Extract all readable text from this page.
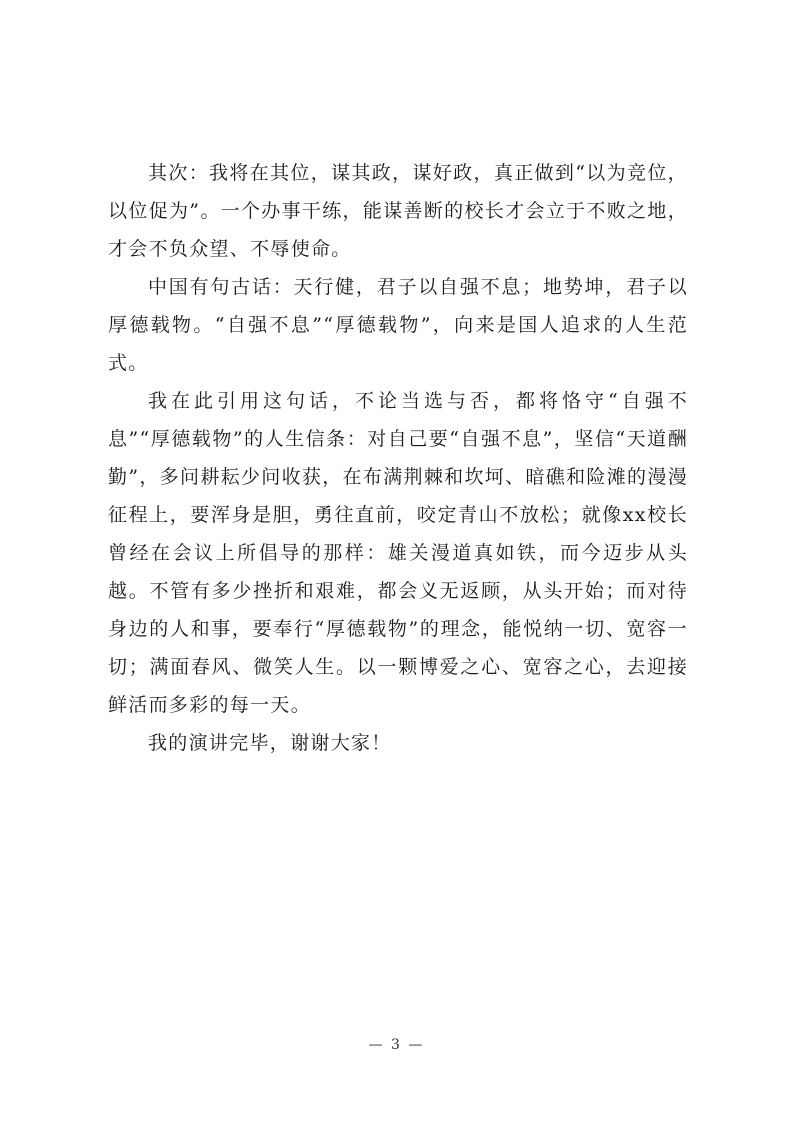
其次：我将在其位，谋其政，谋好政，真正做到“以为竞位，以位促为”。一个办事干练，能谋善断的校长才会立于不败之地，才会不负众望、不辱使命。

中国有句古话：天行健，君子以自强不息；地势坤，君子以厚德载物。“自强不息”“厚德载物”，向来是国人追求的人生范式。

我在此引用这句话，不论当选与否，都将恪守“自强不息”“厚德载物”的人生信条：对自己要“自强不息”，坚信“天道酬勤”，多问耕耘少问收获，在布满荆棘和坎坷、暗礁和险滩的漫漫征程上，要浑身是胆，勇往直前，咬定青山不放松；就像xx校长曾经在会议上所倡导的那样：雄关漫道真如铁，而今迈步从头越。不管有多少挫折和艰难，都会义无返顾，从头开始；而对待身边的人和事，要奉行“厚德载物”的理念，能悦纳一切、宽容一切；满面春风、微笑人生。以一颗博爱之心、宽容之心，去迎接鲜活而多彩的每一天。

我的演讲完毕，谢谢大家！

— 3 —
